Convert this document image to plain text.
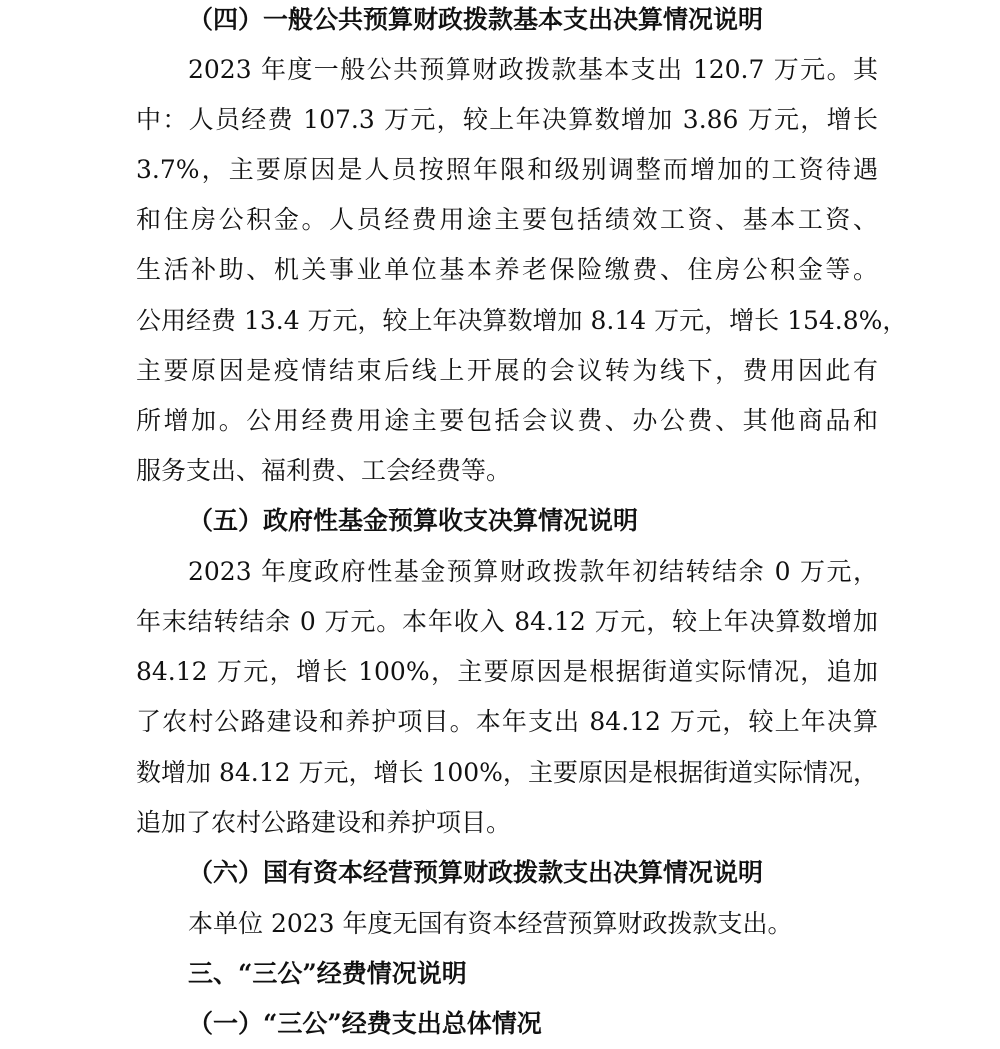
（四）一般公共预算财政拨款基本支出决算情况说明
2023 年度一般公共预算财政拨款基本支出 120.7 万元。其
中：人员经费 107.3 万元，较上年决算数增加 3.86 万元，增长
3.7%，主要原因是人员按照年限和级别调整而增加的工资待遇
和住房公积金。人员经费用途主要包括绩效工资、基本工资、
生活补助、机关事业单位基本养老保险缴费、住房公积金等。
公用经费 13.4 万元，较上年决算数增加 8.14 万元，增长 154.8%，
主要原因是疫情结束后线上开展的会议转为线下，费用因此有
所增加。公用经费用途主要包括会议费、办公费、其他商品和
服务支出、福利费、工会经费等。
（五）政府性基金预算收支决算情况说明
2023 年度政府性基金预算财政拨款年初结转结余 0 万元，
年末结转结余 0 万元。本年收入 84.12 万元，较上年决算数增加
84.12 万元，增长 100%，主要原因是根据街道实际情况，追加
了农村公路建设和养护项目。本年支出 84.12 万元，较上年决算
数增加 84.12 万元，增长 100%，主要原因是根据街道实际情况，
追加了农村公路建设和养护项目。
（六）国有资本经营预算财政拨款支出决算情况说明
本单位 2023 年度无国有资本经营预算财政拨款支出。
三、“三公”经费情况说明
（一）“三公”经费支出总体情况
